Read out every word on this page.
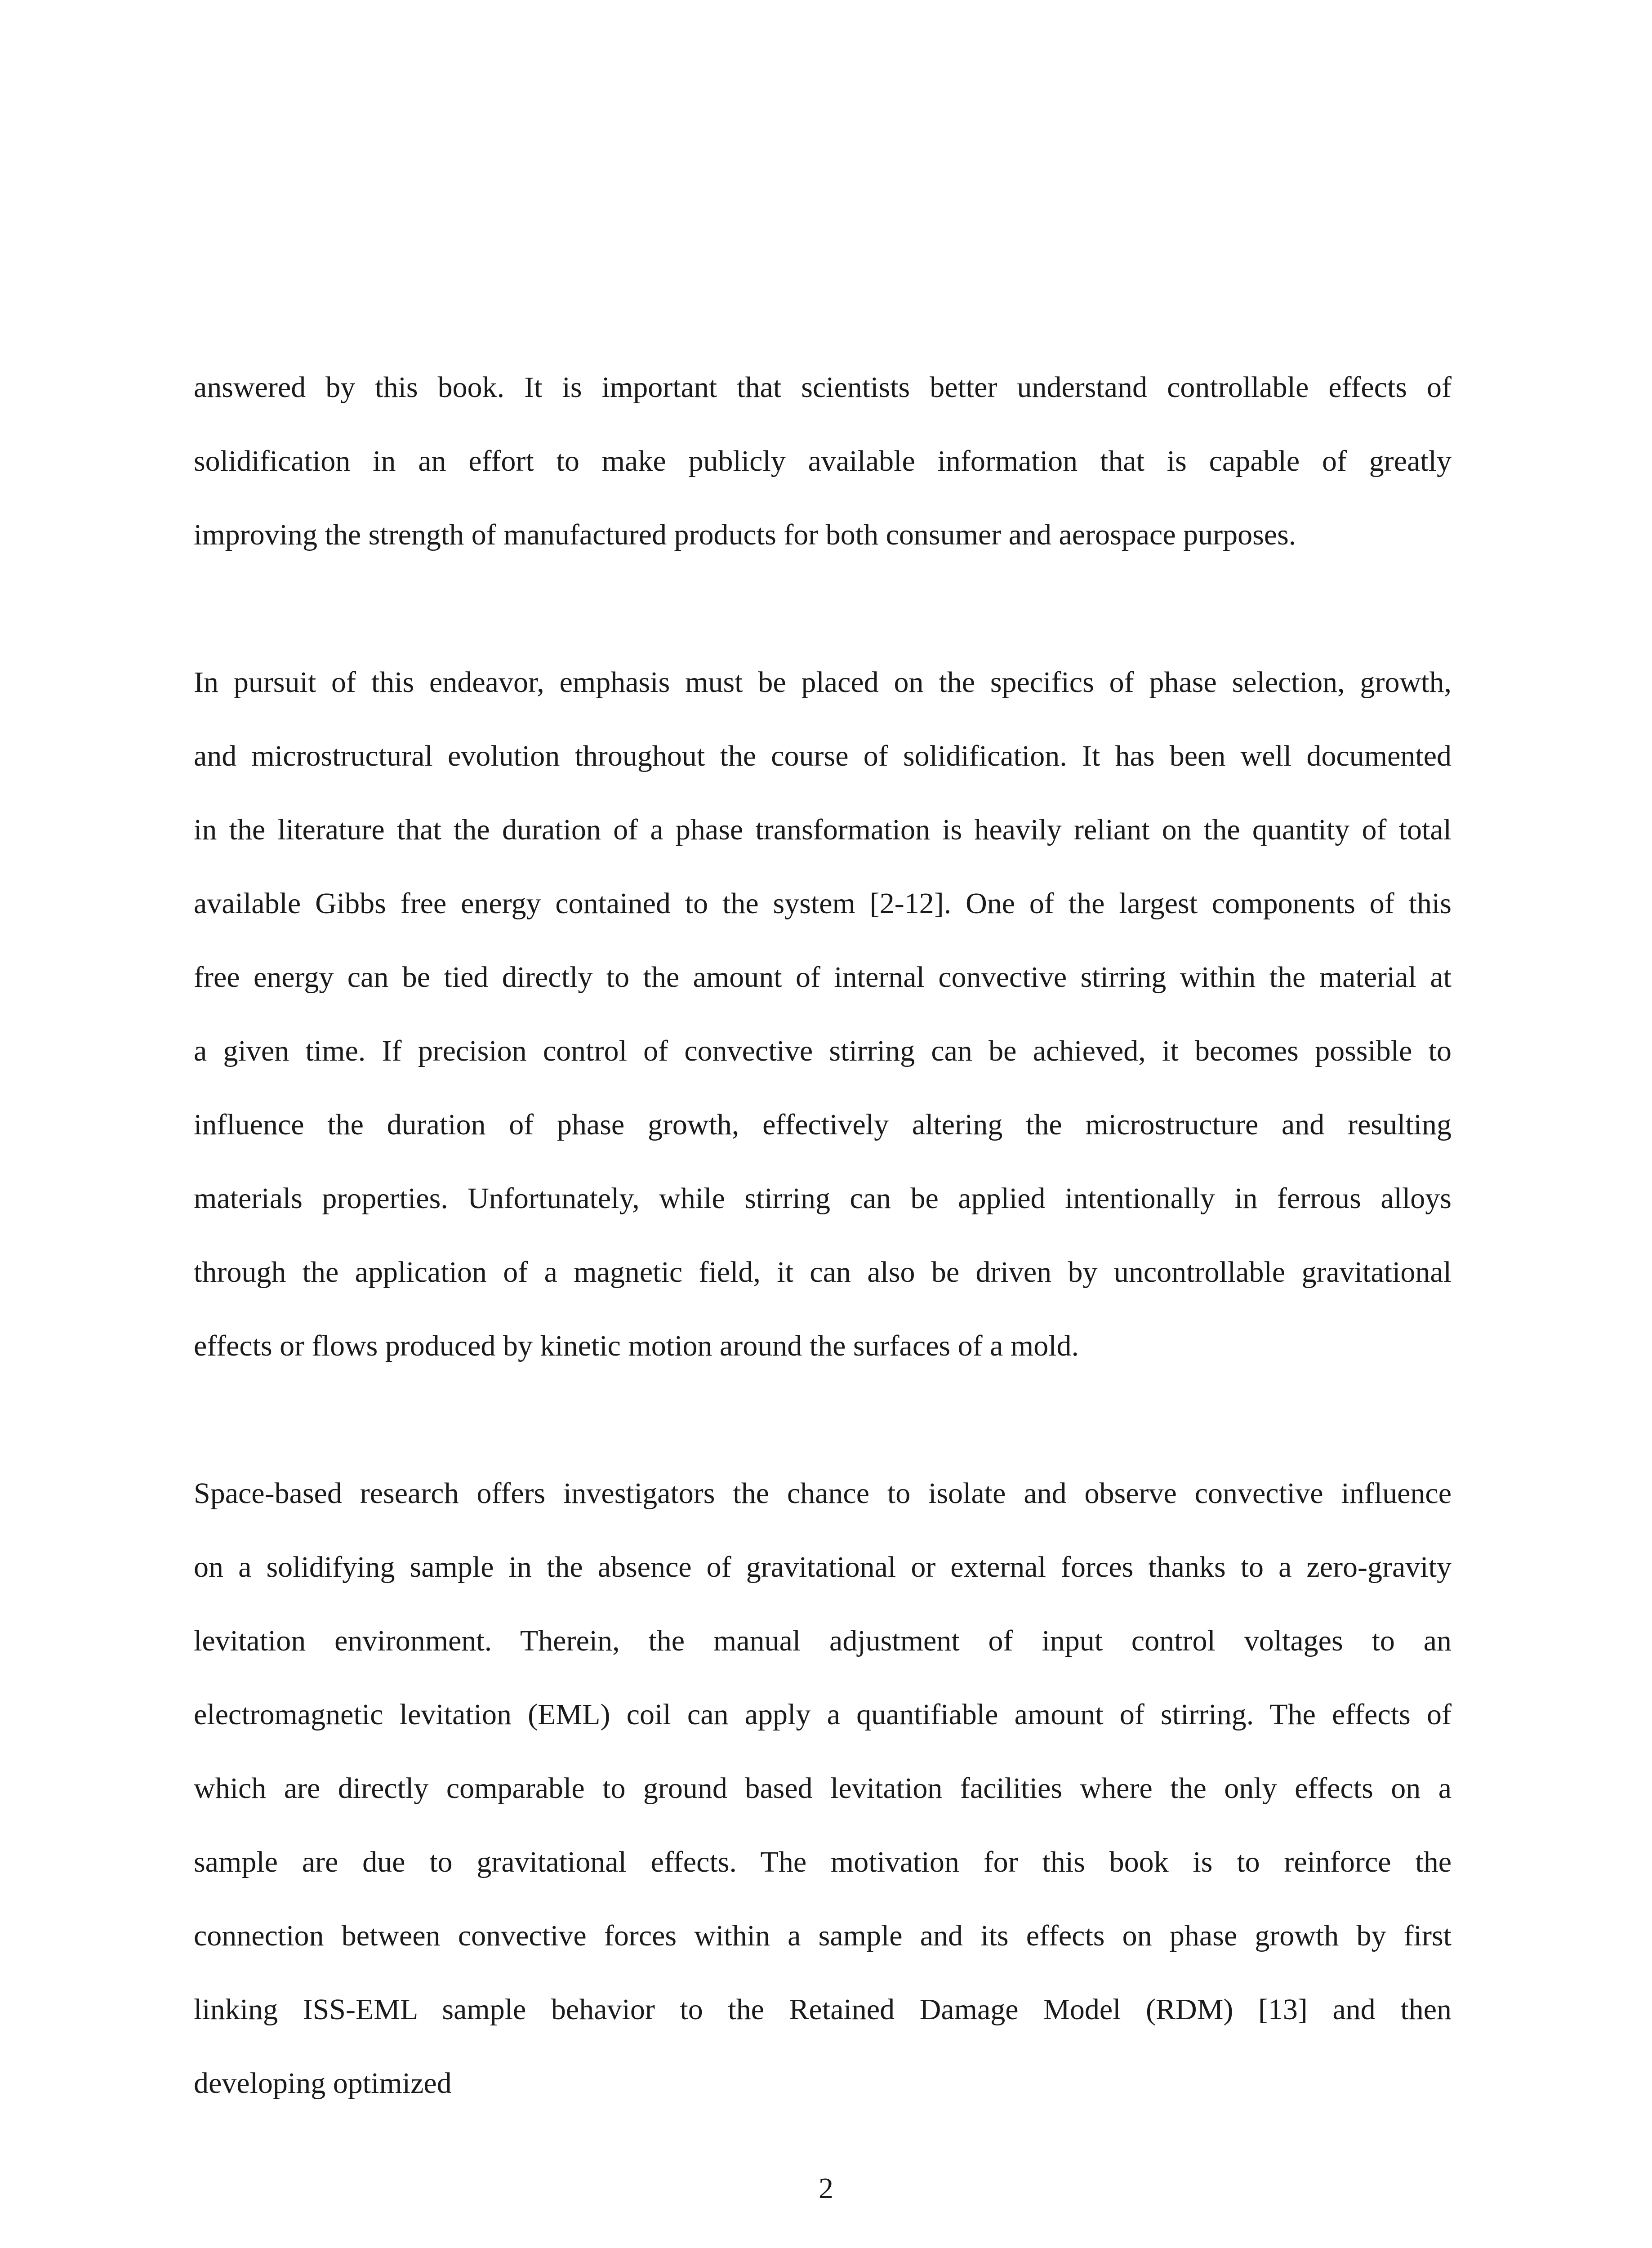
answered by this book. It is important that scientists better understand controllable effects of
solidification in an effort to make publicly available information that is capable of greatly
improving the strength of manufactured products for both consumer and aerospace purposes.
In pursuit of this endeavor, emphasis must be placed on the specifics of phase selection, growth,
and microstructural evolution throughout the course of solidification. It has been well documented
in the literature that the duration of a phase transformation is heavily reliant on the quantity of total
available Gibbs free energy contained to the system [2-12]. One of the largest components of this
free energy can be tied directly to the amount of internal convective stirring within the material at
a given time. If precision control of convective stirring can be achieved, it becomes possible to
influence the duration of phase growth, effectively altering the microstructure and resulting
materials properties. Unfortunately, while stirring can be applied intentionally in ferrous alloys
through the application of a magnetic field, it can also be driven by uncontrollable gravitational
effects or flows produced by kinetic motion around the surfaces of a mold.
Space-based research offers investigators the chance to isolate and observe convective influence
on a solidifying sample in the absence of gravitational or external forces thanks to a zero-gravity
levitation environment. Therein, the manual adjustment of input control voltages to an
electromagnetic levitation (EML) coil can apply a quantifiable amount of stirring. The effects of
which are directly comparable to ground based levitation facilities where the only effects on a
sample are due to gravitational effects. The motivation for this book is to reinforce the
connection between convective forces within a sample and its effects on phase growth by first
linking ISS-EML sample behavior to the Retained Damage Model (RDM) [13] and then
developing optimized
2
